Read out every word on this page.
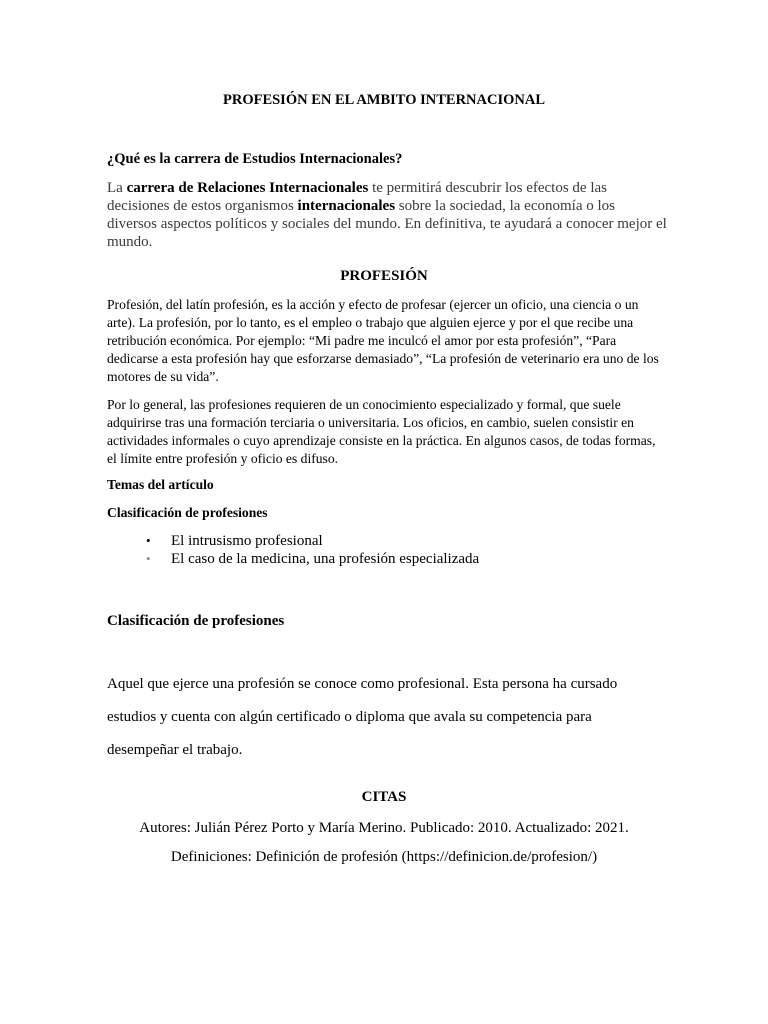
PROFESIÓN EN EL AMBITO INTERNACIONAL

¿Qué es la carrera de Estudios Internacionales?

La carrera de Relaciones Internacionales te permitirá descubrir los efectos de las decisiones de estos organismos internacionales sobre la sociedad, la economía o los diversos aspectos políticos y sociales del mundo. En definitiva, te ayudará a conocer mejor el mundo.

PROFESIÓN

Profesión, del latín profesión, es la acción y efecto de profesar (ejercer un oficio, una ciencia o un arte). La profesión, por lo tanto, es el empleo o trabajo que alguien ejerce y por el que recibe una retribución económica. Por ejemplo: “Mi padre me inculcó el amor por esta profesión”, “Para dedicarse a esta profesión hay que esforzarse demasiado”, “La profesión de veterinario era uno de los motores de su vida”.

Por lo general, las profesiones requieren de un conocimiento especializado y formal, que suele adquirirse tras una formación terciaria o universitaria. Los oficios, en cambio, suelen consistir en actividades informales o cuyo aprendizaje consiste en la práctica. En algunos casos, de todas formas, el límite entre profesión y oficio es difuso.

Temas del artículo

Clasificación de profesiones

• El intrusismo profesional
• El caso de la medicina, una profesión especializada

Clasificación de profesiones

Aquel que ejerce una profesión se conoce como profesional. Esta persona ha cursado

estudios y cuenta con algún certificado o diploma que avala su competencia para

desempeñar el trabajo.

CITAS

Autores: Julián Pérez Porto y María Merino. Publicado: 2010. Actualizado: 2021.

Definiciones: Definición de profesión (https://definicion.de/profesion/)
